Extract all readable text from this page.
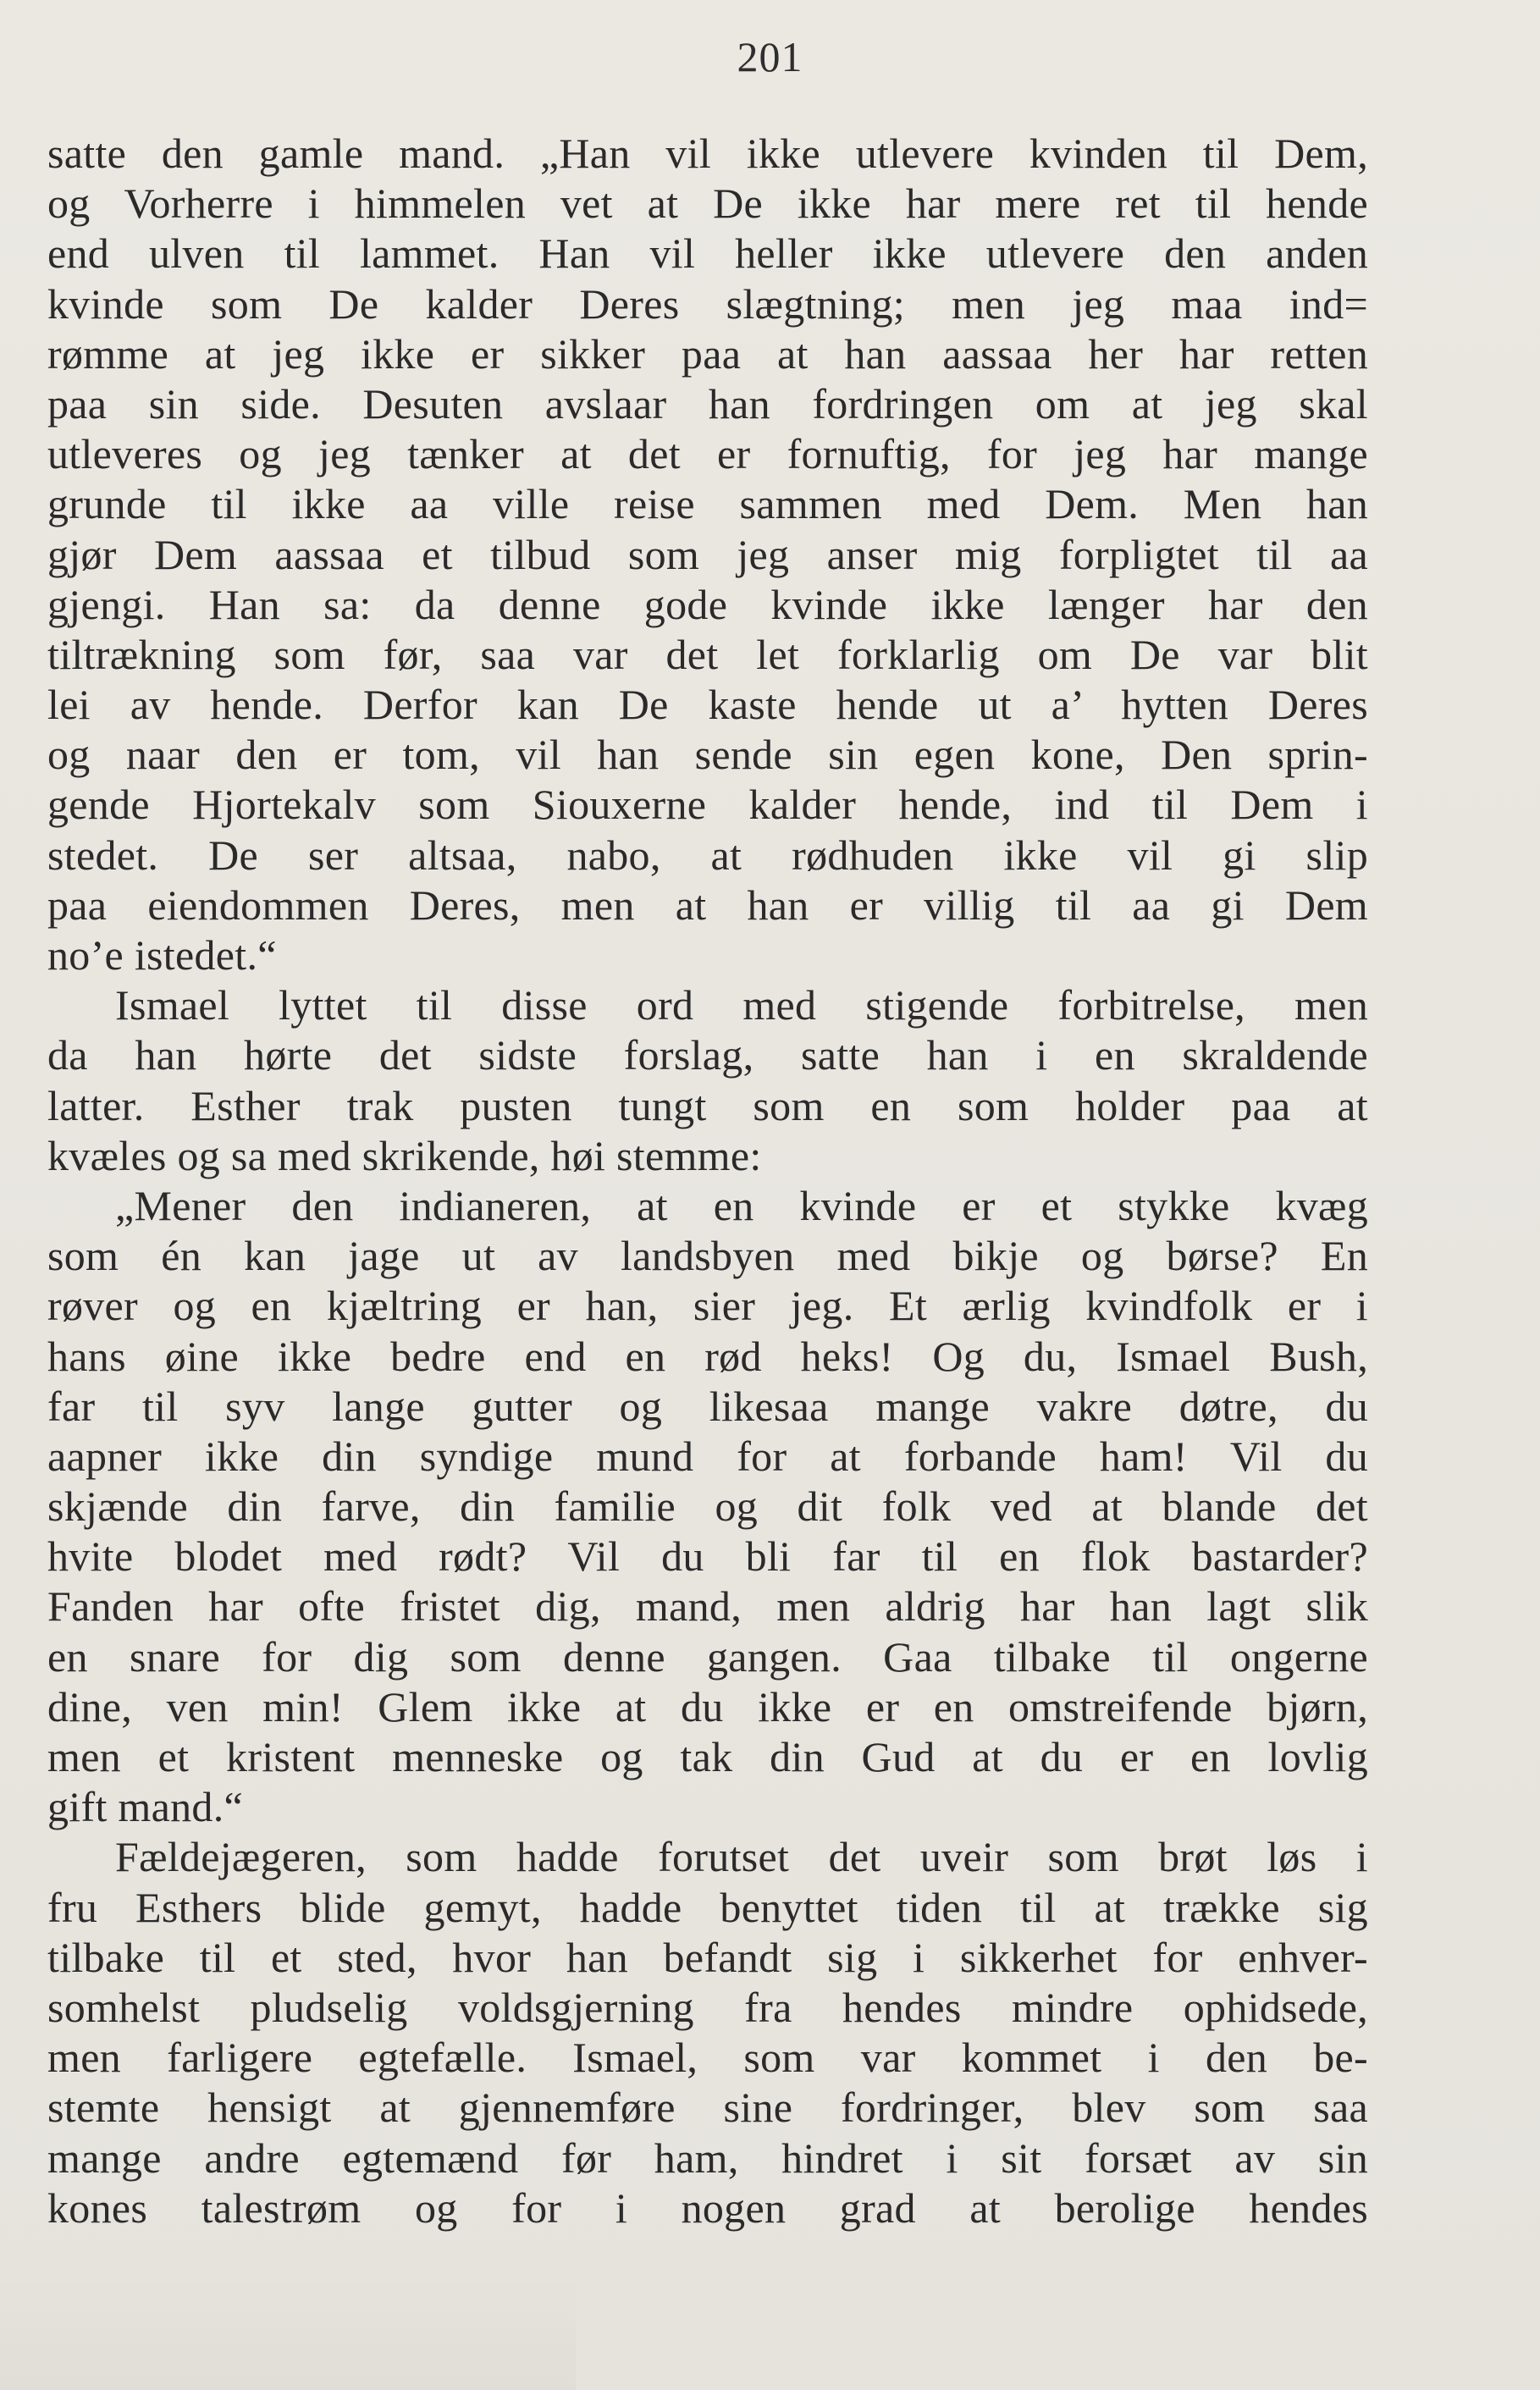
201
satte den gamle mand. „Han vil ikke utlevere kvinden til Dem,
og Vorherre i himmelen vet at De ikke har mere ret til hende
end ulven til lammet. Han vil heller ikke utlevere den anden
kvinde som De kalder Deres slægtning; men jeg maa ind=
rømme at jeg ikke er sikker paa at han aassaa her har retten
paa sin side. Desuten avslaar han fordringen om at jeg skal
utleveres og jeg tænker at det er fornuftig, for jeg har mange
grunde til ikke aa ville reise sammen med Dem. Men han
gjør Dem aassaa et tilbud som jeg anser mig forpligtet til aa
gjengi. Han sa: da denne gode kvinde ikke længer har den
tiltrækning som før, saa var det let forklarlig om De var blit
lei av hende. Derfor kan De kaste hende ut a’ hytten Deres
og naar den er tom, vil han sende sin egen kone, Den sprin-
gende Hjortekalv som Siouxerne kalder hende, ind til Dem i
stedet. De ser altsaa, nabo, at rødhuden ikke vil gi slip
paa eiendommen Deres, men at han er villig til aa gi Dem
no’e istedet.“
Ismael lyttet til disse ord med stigende forbitrelse, men
da han hørte det sidste forslag, satte han i en skraldende
latter. Esther trak pusten tungt som en som holder paa at
kvæles og sa med skrikende, høi stemme:
„Mener den indianeren, at en kvinde er et stykke kvæg
som én kan jage ut av landsbyen med bikje og børse? En
røver og en kjæltring er han, sier jeg. Et ærlig kvindfolk er i
hans øine ikke bedre end en rød heks! Og du, Ismael Bush,
far til syv lange gutter og likesaa mange vakre døtre, du
aapner ikke din syndige mund for at forbande ham! Vil du
skjænde din farve, din familie og dit folk ved at blande det
hvite blodet med rødt? Vil du bli far til en flok bastarder?
Fanden har ofte fristet dig, mand, men aldrig har han lagt slik
en snare for dig som denne gangen. Gaa tilbake til ongerne
dine, ven min! Glem ikke at du ikke er en omstreifende bjørn,
men et kristent menneske og tak din Gud at du er en lovlig
gift mand.“
Fældejægeren, som hadde forutset det uveir som brøt løs i
fru Esthers blide gemyt, hadde benyttet tiden til at trække sig
tilbake til et sted, hvor han befandt sig i sikkerhet for enhver-
somhelst pludselig voldsgjerning fra hendes mindre ophidsede,
men farligere egtefælle. Ismael, som var kommet i den be-
stemte hensigt at gjennemføre sine fordringer, blev som saa
mange andre egtemænd før ham, hindret i sit forsæt av sin
kones talestrøm og for i nogen grad at berolige hendes
